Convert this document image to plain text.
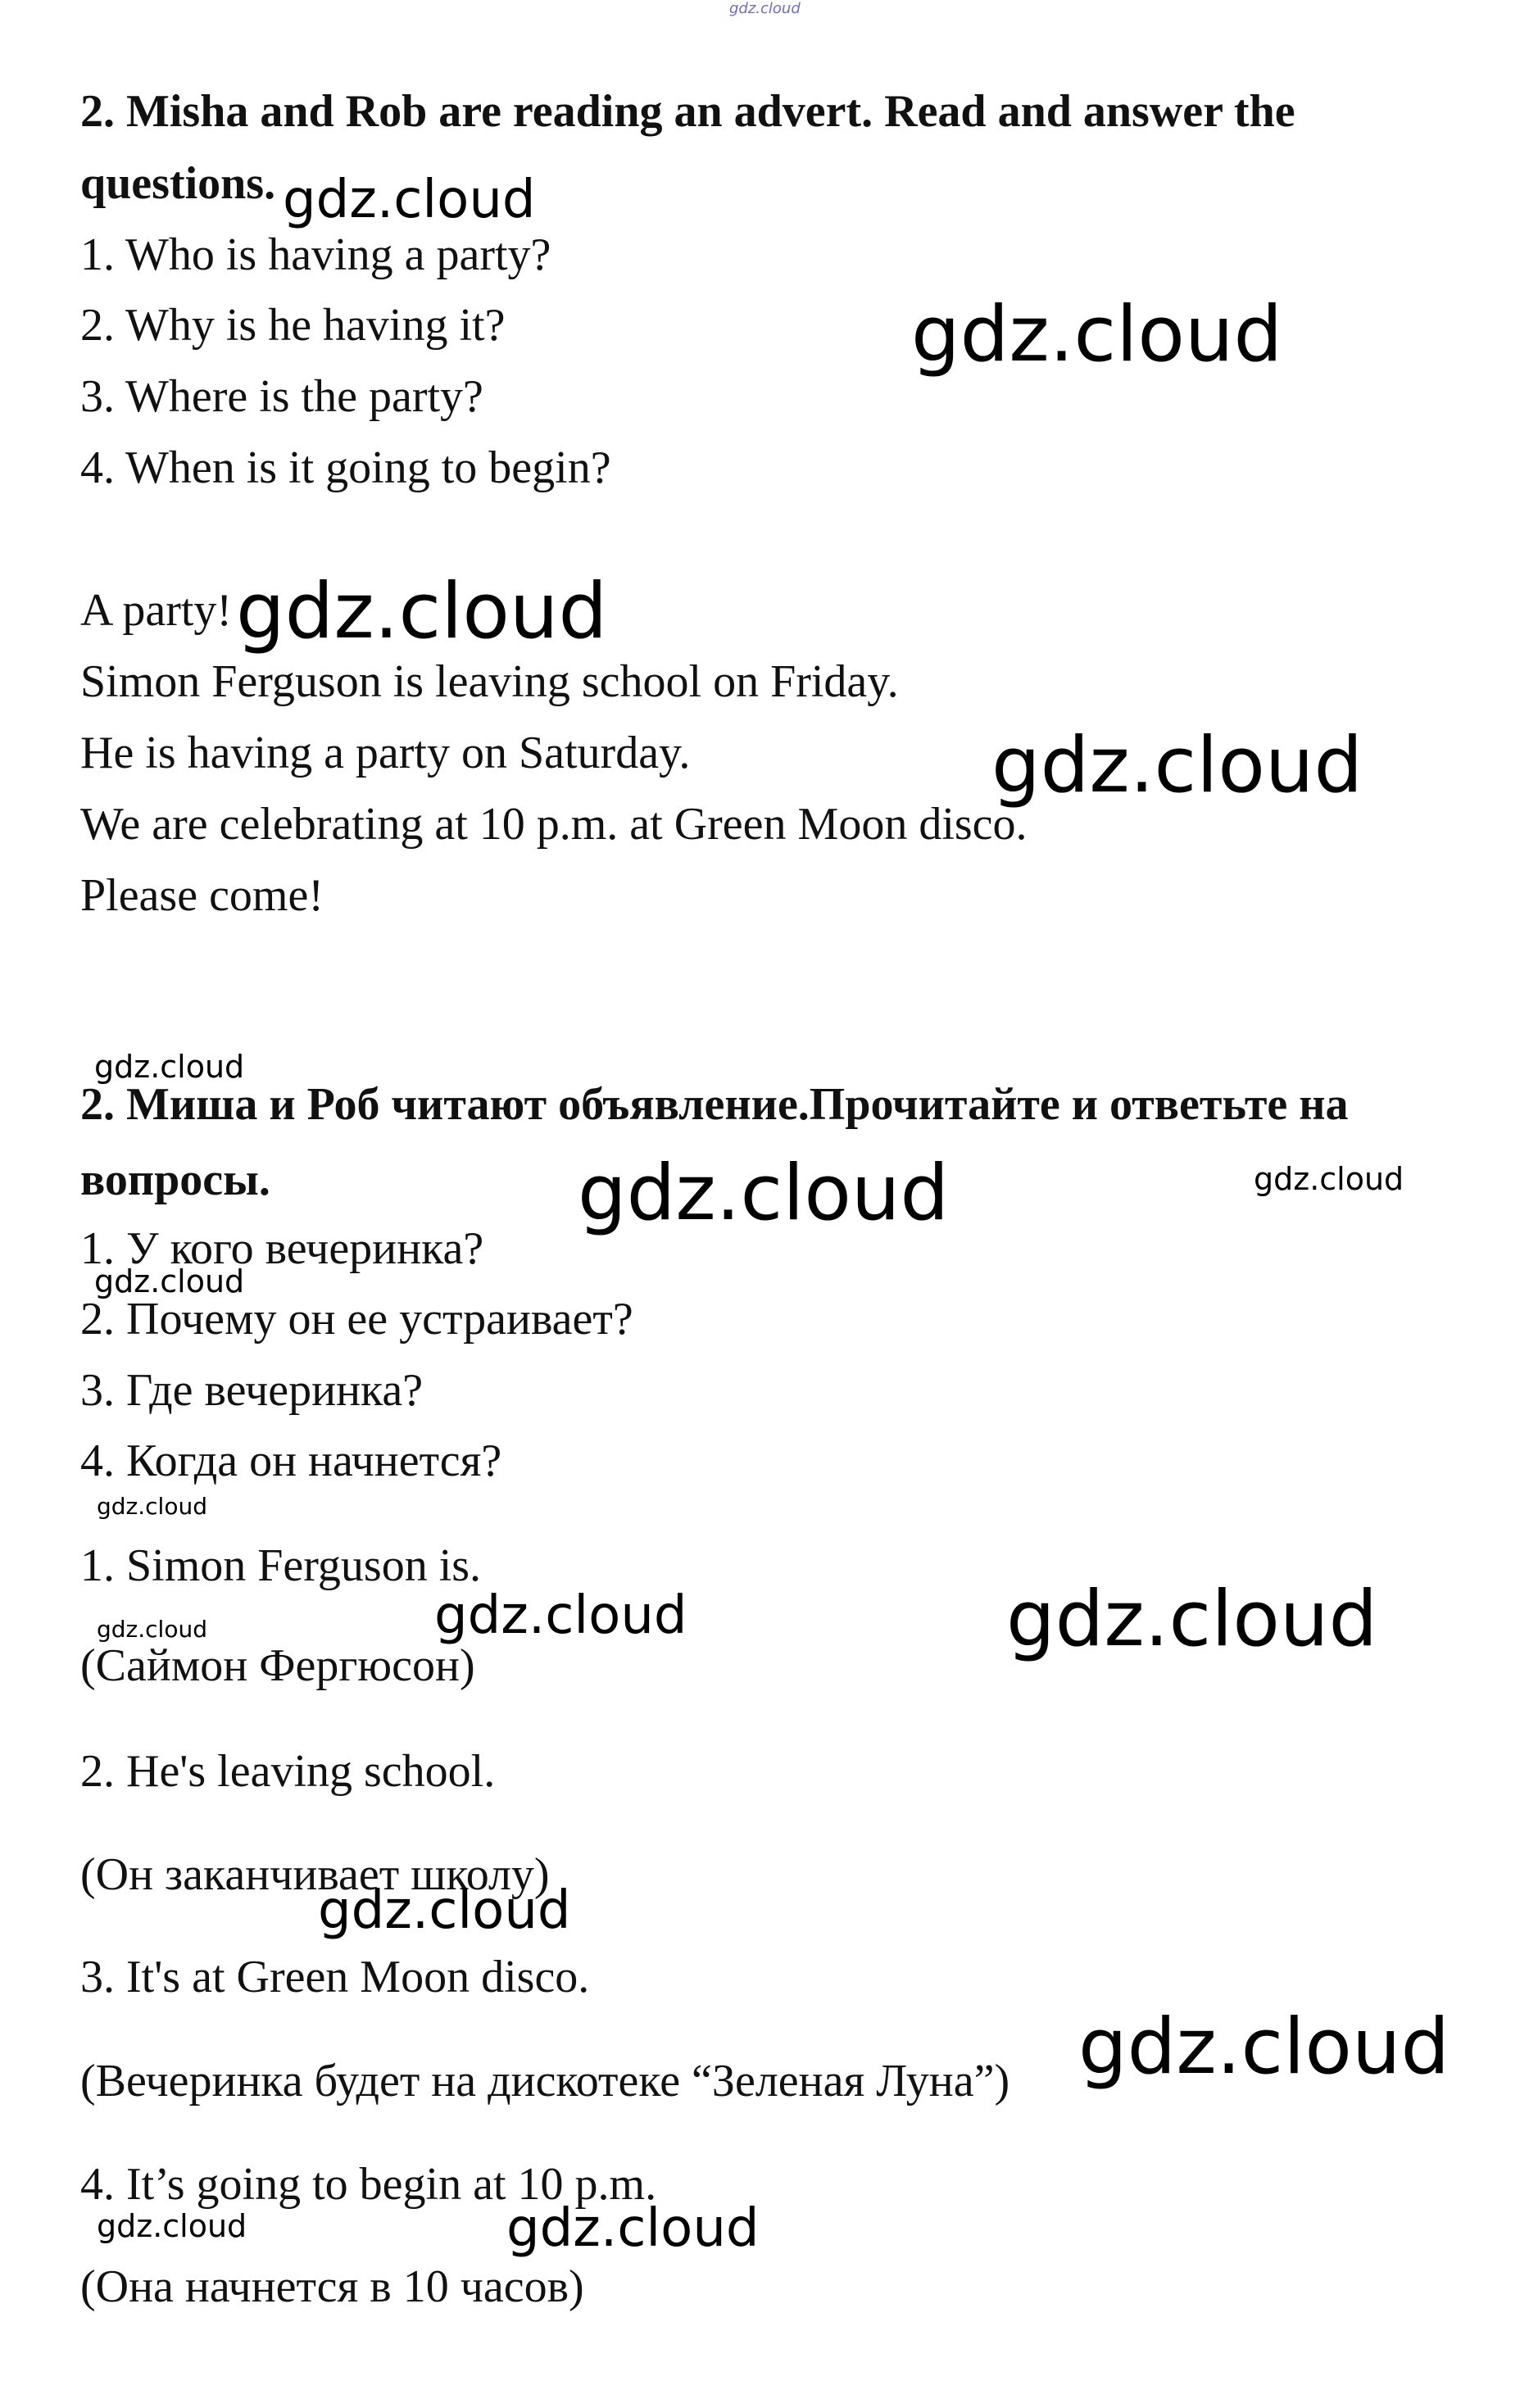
gdz.cloud
2. Misha and Rob are reading an advert. Read and answer the
questions.
1. Who is having a party?
2. Why is he having it?
3. Where is the party?
4. When is it going to begin?
A party!
Simon Ferguson is leaving school on Friday.
He is having a party on Saturday.
We are celebrating at 10 p.m. at Green Moon disco.
Please come!
2. Миша и Роб читают объявление.Прочитайте и ответьте на
вопросы.
1. У кого вечеринка?
2. Почему он ее устраивает?
3. Где вечеринка?
4. Когда он начнется?
1. Simon Ferguson is.
(Саймон Фергюсон)
2. He's leaving school.
(Он заканчивает школу)
3. It's at Green Moon disco.
(Вечеринка будет на дискотеке “Зеленая Луна”)
4. It’s going to begin at 10 p.m.
(Она начнется в 10 часов)
gdz.cloud
gdz.cloud
gdz.cloud
gdz.cloud
gdz.cloud
gdz.cloud	gdz.cloud
gdz.cloud
gdz.cloud
gdz.cloud	gdz.cloud	gdz.cloud
gdz.cloud
gdz.cloud
gdz.cloud	gdz.cloud
